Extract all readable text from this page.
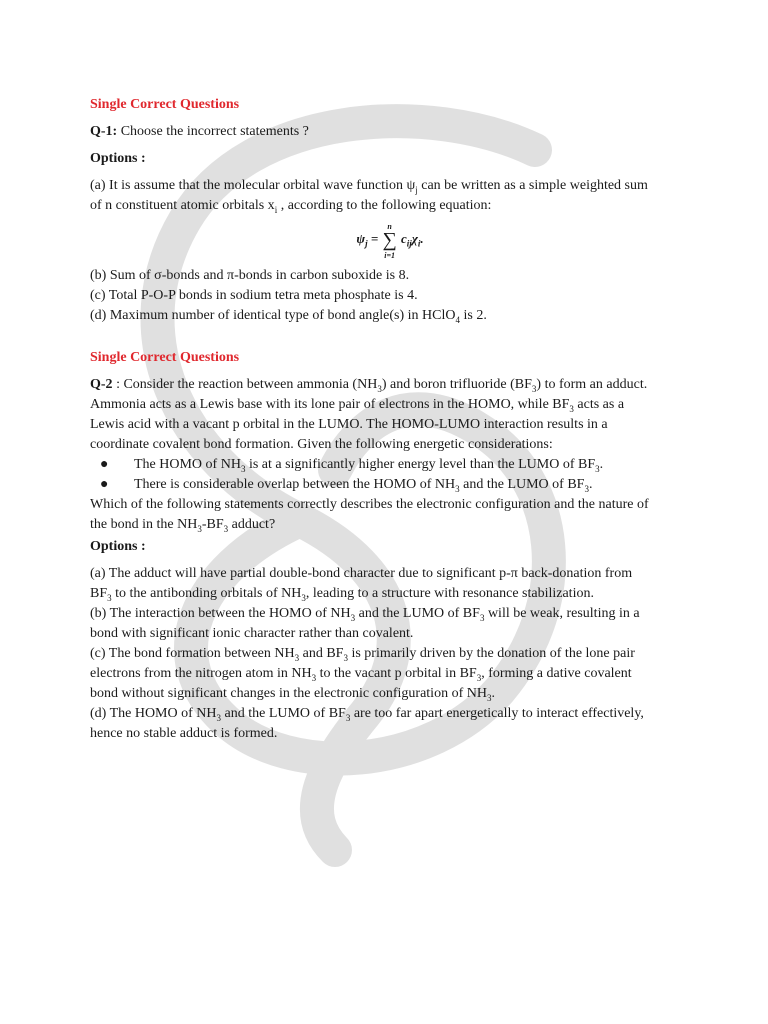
Single Correct Questions

Q-1: Choose the incorrect statements ?

Options :

(a) It is assume that the molecular orbital wave function $\psi_j$ can be written as a simple weighted sum of n constituent atomic orbitals $x_i$ , according to the following equation:

$\psi_j = n$
∑
i=1 $c_{ij}\chi_i$.

(b) Sum of σ-bonds and π-bonds in carbon suboxide is 8.

(c) Total P-O-P bonds in sodium tetra meta phosphate is 4.

(d) Maximum number of identical type of bond angle(s) in HClO$_4$ is 2.

Single Correct Questions

Q-2 : Consider the reaction between ammonia $(NH_3)$ and boron trifluoride $(BF_3)$ to form an adduct. Ammonia acts as a Lewis base with its lone pair of electrons in the HOMO, while $BF_3$ acts as a Lewis acid with a vacant p orbital in the LUMO. The HOMO-LUMO interaction results in a coordinate covalent bond formation. Given the following energetic considerations:

●	The HOMO of $NH_3$ is at a significantly higher energy level than the LUMO of $BF_3$.
●	There is considerable overlap between the HOMO of $NH_3$ and the LUMO of $BF_3$.

Which of the following statements correctly describes the electronic configuration and the nature of the bond in the $NH_3-BF_3$ adduct?

Options :

(a) The adduct will have partial double-bond character due to significant p-π back-donation from $BF_3$ to the antibonding orbitals of $NH_3$, leading to a structure with resonance stabilization.

(b) The interaction between the HOMO of $NH_3$ and the LUMO of $BF_3$ will be weak, resulting in a bond with significant ionic character rather than covalent.

(c) The bond formation between $NH_3$ and $BF_3$ is primarily driven by the donation of the lone pair electrons from the nitrogen atom in $NH_3$ to the vacant p orbital in $BF_3$, forming a dative covalent bond without significant changes in the electronic configuration of $NH_3$.

(d) The HOMO of $NH_3$ and the LUMO of $BF_3$ are too far apart energetically to interact effectively, hence no stable adduct is formed.
